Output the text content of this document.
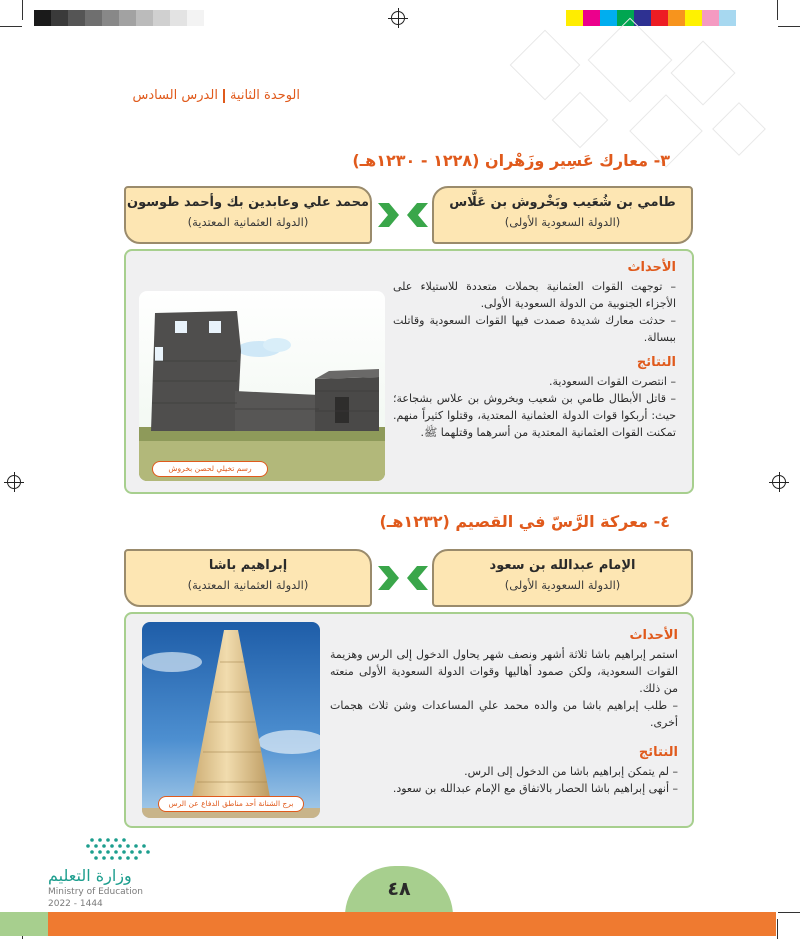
الوحدة الثانيةالدرس السادس
٣- معارك عَسِير وزَهْران (١٢٢٨ - ١٢٣٠هـ)
محمد علي وعابدين بك وأحمد طوسون
(الدولة العثمانية المعتدية)
طامي بن شُعَيب وبَخْروش بن عَلَّاس
(الدولة السعودية الأولى)
رسم تخيلي لحصن بخروش
الأحداث

– توجهت القوات العثمانية بحملات متعددة للاستيلاء على الأجزاء الجنوبية من الدولة السعودية الأولى.

– حدثت معارك شديدة صمدت فيها القوات السعودية وقاتلت ببسالة.

النتائج

– انتصرت القوات السعودية.

– قاتل الأبطال طامي بن شعيب وبخروش بن علاس بشجاعة؛ حيث: أربكوا قوات الدولة العثمانية المعتدية، وقتلوا كثيراً منهم. تمكنت القوات العثمانية المعتدية من أسرهما وقتلهما ﷺ.

٤- معركة الرَّسّ في القصيم (١٢٣٢هـ)
إبراهيم باشا
(الدولة العثمانية المعتدية)
الإمام عبدالله بن سعود
(الدولة السعودية الأولى)
برج الشنانة أحد مناطق الدفاع عن الرس
الأحداث

استمر إبراهيم باشا ثلاثة أشهر ونصف شهر يحاول الدخول إلى الرس وهزيمة القوات السعودية، ولكن صمود أهاليها وقوات الدولة السعودية الأولى منعته من ذلك.

– طلب إبراهيم باشا من والده محمد علي المساعدات وشن ثلاث هجمات أخرى.

النتائج

– لم يتمكن إبراهيم باشا من الدخول إلى الرس.

– أنهى إبراهيم باشا الحصار بالاتفاق مع الإمام عبدالله بن سعود.

وزارة التعليم
Ministry of Education
2022 - 1444
٤٨
